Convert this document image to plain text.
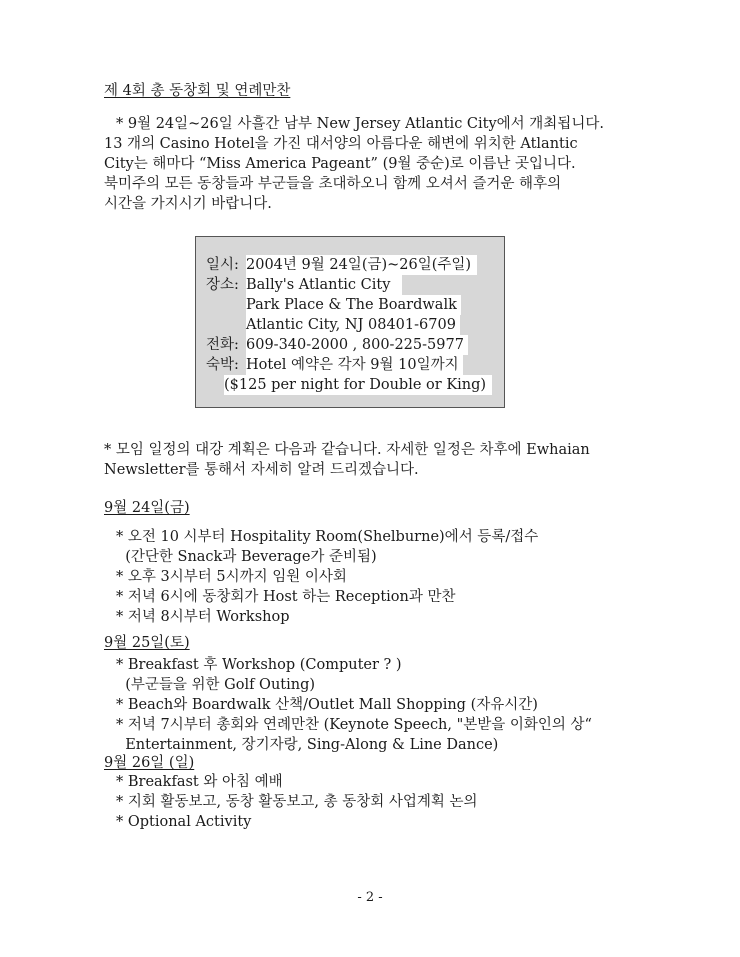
제 4회 총 동창회 및 연례만찬
* 9월 24일~26일 사흘간 남부 New Jersey Atlantic City에서 개최됩니다.
13 개의 Casino Hotel을 가진 대서양의 아름다운 해변에 위치한 Atlantic
City는 해마다 “Miss America Pageant” (9월 중순)로 이름난 곳입니다.
북미주의 모든 동창들과 부군들을 초대하오니 함께 오셔서 즐거운 해후의
시간을 가지시기 바랍니다.
일시: 2004년 9월 24일(금)~26일(주일)
장소: Bally's Atlantic City
Park Place & The Boardwalk
Atlantic City, NJ 08401-6709
전화: 609-340-2000 , 800-225-5977
숙박: Hotel 예약은 각자 9월 10일까지
($125 per night for Double or King)
* 모임 일정의 대강 계획은 다음과 같습니다. 자세한 일정은 차후에 Ewhaian
Newsletter를 통해서 자세히 알려 드리겠습니다.
9월 24일(금)
* 오전 10 시부터 Hospitality Room(Shelburne)에서 등록/접수
(간단한 Snack과 Beverage가 준비됨)
* 오후 3시부터 5시까지 임원 이사회
* 저녁 6시에 동창회가 Host 하는 Reception과 만찬
* 저녁 8시부터 Workshop
9월 25일(토)
* Breakfast 후 Workshop (Computer ? )
(부군들을 위한 Golf Outing)
* Beach와 Boardwalk 산책/Outlet Mall Shopping (자유시간)
* 저녁 7시부터 총회와 연례만찬 (Keynote Speech, "본받을 이화인의 상“
Entertainment, 장기자랑, Sing-Along & Line Dance)
9월 26일 (일)
* Breakfast 와 아침 예배
* 지회 활동보고, 동창 활동보고, 총 동창회 사업계획 논의
* Optional Activity
- 2 -
